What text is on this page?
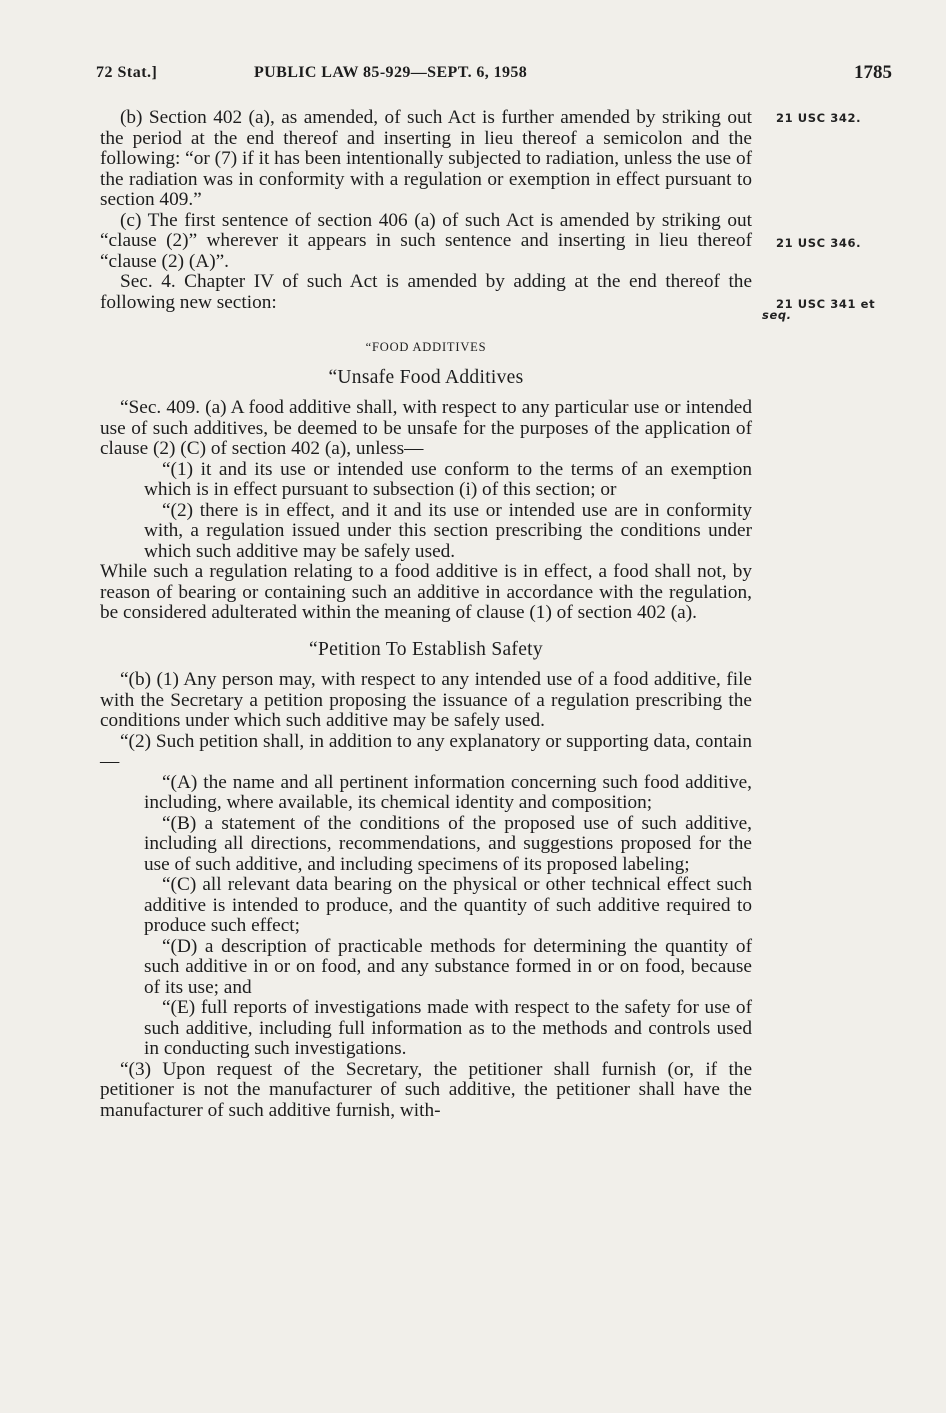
72 Stat.]	PUBLIC LAW 85-929—SEPT. 6, 1958	1785
21 USC 342.
21 USC 346.
21 USC 341 et
seq.

(b) Section 402 (a), as amended, of such Act is further amended by striking out the period at the end thereof and inserting in lieu thereof a semicolon and the following: “or (7) if it has been intentionally subjected to radiation, unless the use of the radiation was in conformity with a regulation or exemption in effect pursuant to section 409.”

(c) The first sentence of section 406 (a) of such Act is amended by striking out “clause (2)” wherever it appears in such sentence and inserting in lieu thereof “clause (2) (A)”.

Sec. 4. Chapter IV of such Act is amended by adding at the end thereof the following new section:

“FOOD ADDITIVES
“Unsafe Food Additives

“Sec. 409. (a) A food additive shall, with respect to any particular use or intended use of such additives, be deemed to be unsafe for the purposes of the application of clause (2) (C) of section 402 (a), unless—

“(1) it and its use or intended use conform to the terms of an exemption which is in effect pursuant to subsection (i) of this section; or

“(2) there is in effect, and it and its use or intended use are in conformity with, a regulation issued under this section prescribing the conditions under which such additive may be safely used.

While such a regulation relating to a food additive is in effect, a food shall not, by reason of bearing or containing such an additive in accordance with the regulation, be considered adulterated within the meaning of clause (1) of section 402 (a).

“Petition To Establish Safety

“(b) (1) Any person may, with respect to any intended use of a food additive, file with the Secretary a petition proposing the issuance of a regulation prescribing the conditions under which such additive may be safely used.

“(2) Such petition shall, in addition to any explanatory or supporting data, contain—

“(A) the name and all pertinent information concerning such food additive, including, where available, its chemical identity and composition;

“(B) a statement of the conditions of the proposed use of such additive, including all directions, recommendations, and suggestions proposed for the use of such additive, and including specimens of its proposed labeling;

“(C) all relevant data bearing on the physical or other technical effect such additive is intended to produce, and the quantity of such additive required to produce such effect;

“(D) a description of practicable methods for determining the quantity of such additive in or on food, and any substance formed in or on food, because of its use; and

“(E) full reports of investigations made with respect to the safety for use of such additive, including full information as to the methods and controls used in conducting such investigations.

“(3) Upon request of the Secretary, the petitioner shall furnish (or, if the petitioner is not the manufacturer of such additive, the petitioner shall have the manufacturer of such additive furnish, with-
